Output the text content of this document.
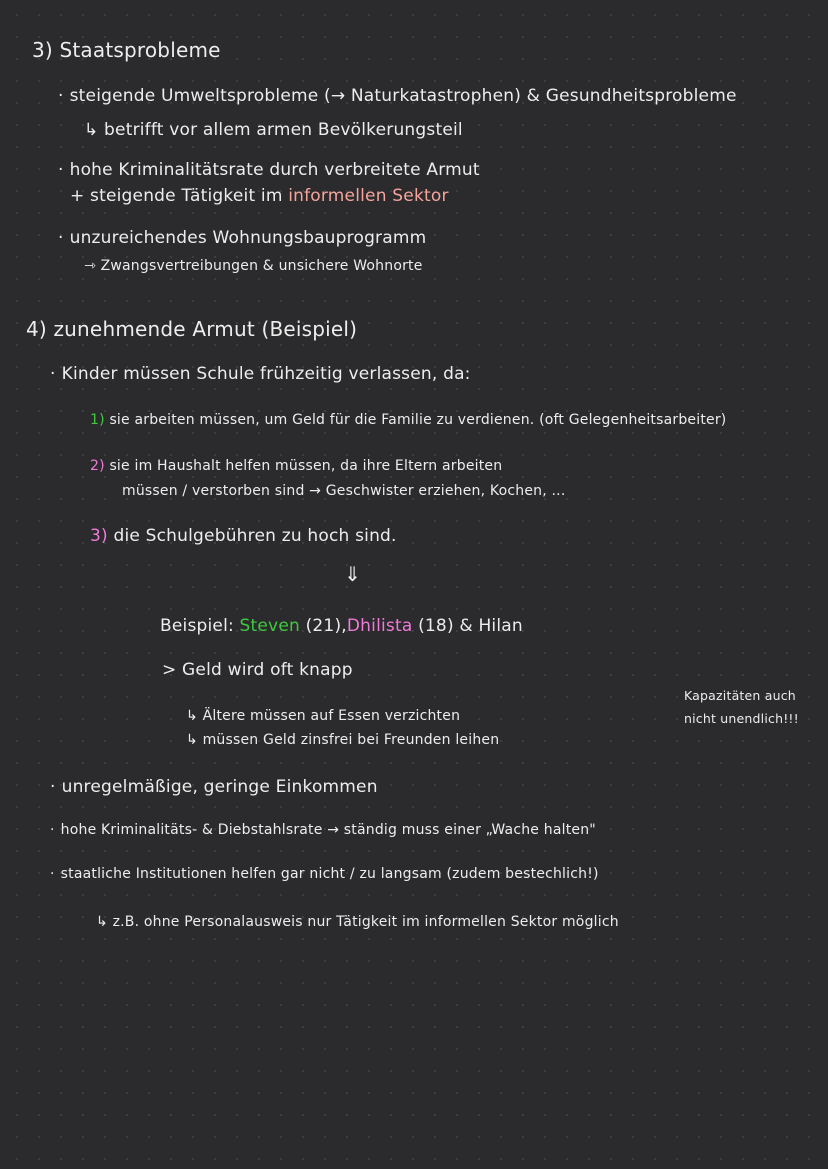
3) Staatsprobleme
· steigende Umweltsprobleme (→ Naturkatastrophen) & Gesundheitsprobleme
↳ betrifft vor allem armen Bevölkerungsteil
· hohe Kriminalitätsrate durch verbreitete Armut
+ steigende Tätigkeit im informellen Sektor
· unzureichendes Wohnungsbauprogramm
⇾ Zwangsvertreibungen & unsichere Wohnorte
4) zunehmende Armut (Beispiel)
· Kinder müssen Schule frühzeitig verlassen, da:
1) sie arbeiten müssen, um Geld für die Familie zu verdienen. (oft Gelegenheitsarbeiter)
2) sie im Haushalt helfen müssen, da ihre Eltern arbeiten
müssen / verstorben sind → Geschwister erziehen, Kochen, ...
3) die Schulgebühren zu hoch sind.
⇓
Beispiel: Steven (21),Dhilista (18) & Hilan
> Geld wird oft knapp
↳ Ältere müssen auf Essen verzichten
↳ müssen Geld zinsfrei bei Freunden leihen
Kapazitäten auch
nicht unendlich!!!
· unregelmäßige, geringe Einkommen
· hohe Kriminalitäts- & Diebstahlsrate → ständig muss einer „Wache halten"
· staatliche Institutionen helfen gar nicht / zu langsam (zudem bestechlich!)
↳ z.B. ohne Personalausweis nur Tätigkeit im informellen Sektor möglich
